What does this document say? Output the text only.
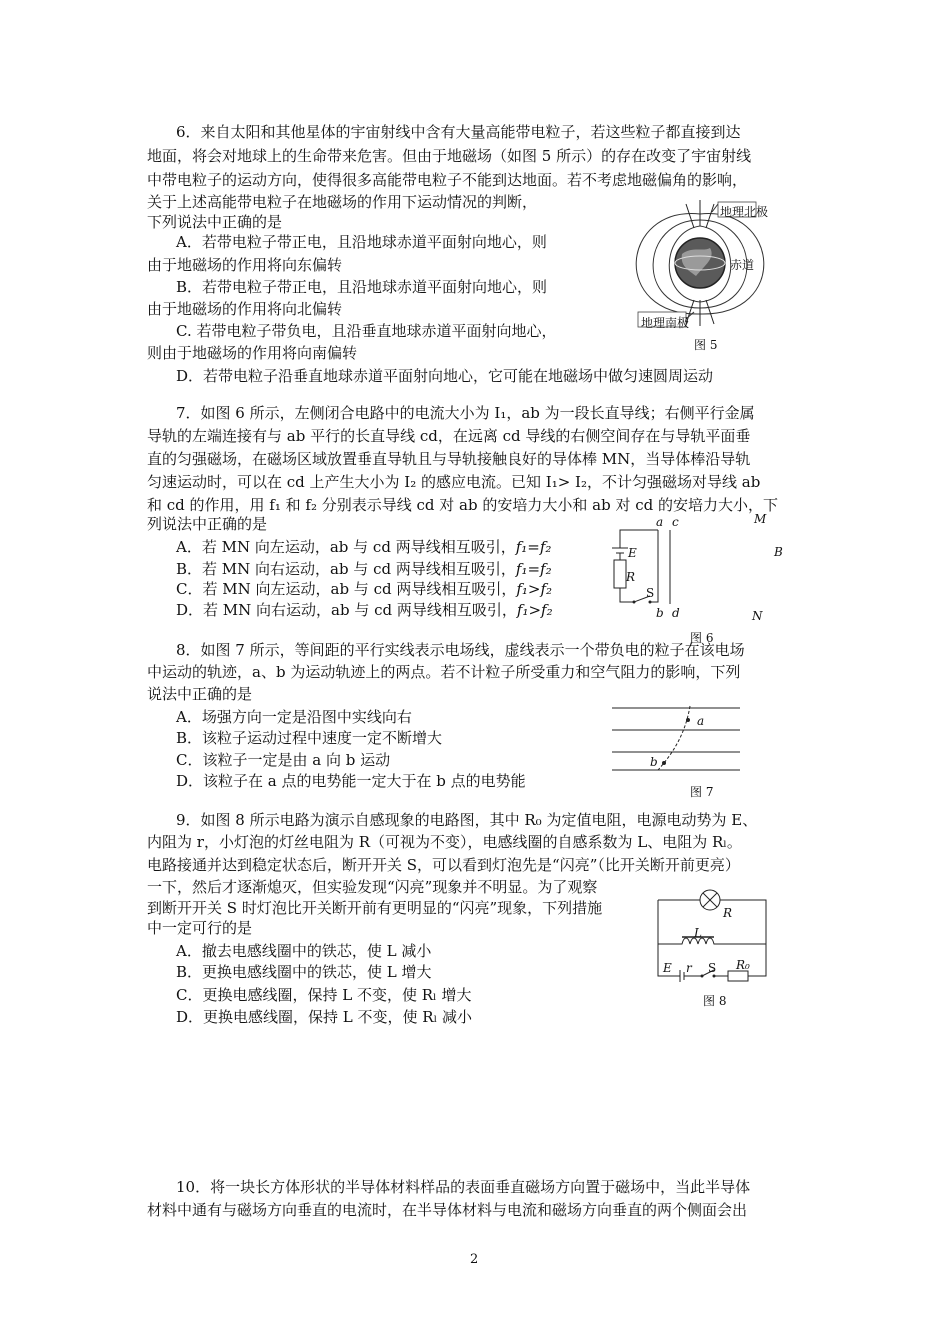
6．来自太阳和其他星体的宇宙射线中含有大量高能带电粒子，若这些粒子都直接到达
地面，将会对地球上的生命带来危害。但由于地磁场（如图 5 所示）的存在改变了宇宙射线
中带电粒子的运动方向，使得很多高能带电粒子不能到达地面。若不考虑地磁偏角的影响，
关于上述高能带电粒子在地磁场的作用下运动情况的判断，
下列说法中正确的是
A．若带电粒子带正电，且沿地球赤道平面射向地心，则
由于地磁场的作用将向东偏转
B．若带电粒子带正电，且沿地球赤道平面射向地心，则
由于地磁场的作用将向北偏转
C. 若带电粒子带负电，且沿垂直地球赤道平面射向地心，
则由于地磁场的作用将向南偏转
D．若带电粒子沿垂直地球赤道平面射向地心，它可能在地磁场中做匀速圆周运动
地理北极
赤道
地理南极
图 5
7．如图 6 所示，左侧闭合电路中的电流大小为 I₁，ab 为一段长直导线；右侧平行金属
导轨的左端连接有与 ab 平行的长直导线 cd，在远离 cd 导线的右侧空间存在与导轨平面垂
直的匀强磁场，在磁场区域放置垂直导轨且与导轨接触良好的导体棒 MN，当导体棒沿导轨
匀速运动时，可以在 cd 上产生大小为 I₂ 的感应电流。已知 I₁> I₂，不计匀强磁场对导线 ab
和 cd 的作用，用 f₁ 和 f₂ 分别表示导线 cd 对 ab 的安培力大小和 ab 对 cd 的安培力大小，下
列说法中正确的是
A．若 MN 向左运动，ab 与 cd 两导线相互吸引，f₁=f₂
B．若 MN 向右运动，ab 与 cd 两导线相互吸引，f₁=f₂
C．若 MN 向左运动，ab 与 cd 两导线相互吸引，f₁>f₂
D．若 MN 向右运动，ab 与 cd 两导线相互吸引，f₁>f₂
a c	M
E	B
R
S
b d	N
图 6
8．如图 7 所示，等间距的平行实线表示电场线，虚线表示一个带负电的粒子在该电场
中运动的轨迹，a、b 为运动轨迹上的两点。若不计粒子所受重力和空气阻力的影响，下列
说法中正确的是
A．场强方向一定是沿图中实线向右
B．该粒子运动过程中速度一定不断增大
C．该粒子一定是由 a 向 b 运动
D．该粒子在 a 点的电势能一定大于在 b 点的电势能
a
b
图 7
9．如图 8 所示电路为演示自感现象的电路图，其中 R₀ 为定值电阻，电源电动势为 E、
内阻为 r，小灯泡的灯丝电阻为 R（可视为不变），电感线圈的自感系数为 L、电阻为 Rₗ。
电路接通并达到稳定状态后，断开开关 S，可以看到灯泡先是“闪亮”（比开关断开前更亮）
一下，然后才逐渐熄灭，但实验发现“闪亮”现象并不明显。为了观察
到断开开关 S 时灯泡比开关断开前有更明显的“闪亮”现象，下列措施
中一定可行的是
A．撤去电感线圈中的铁芯，使 L 减小
B．更换电感线圈中的铁芯，使 L 增大
C．更换电感线圈，保持 L 不变，使 Rₗ 增大
D．更换电感线圈，保持 L 不变，使 Rₗ 减小
R
L
E r S R₀
图 8
10．将一块长方体形状的半导体材料样品的表面垂直磁场方向置于磁场中，当此半导体
材料中通有与磁场方向垂直的电流时，在半导体材料与电流和磁场方向垂直的两个侧面会出
2
